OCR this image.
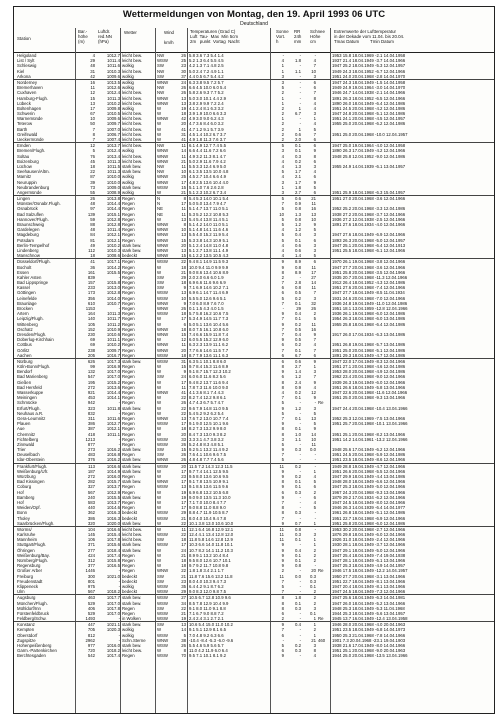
Wettermeldungen von Montag, den 19. April 1993 06 UTC
Deutschland
Station
Bar.-
höhe
(m)
Luftdr.
red.NN
(hPa)
Wetter	Wind

km/h
Temperaturen (Grad C)
Luft  Tau-  Max  Min 5cm
2m   punkt  Vortag  Nacht
Sonne
Vort.
h
RR
24h
mm
Schnee
Höhe
cm
Extremwerte der Lufttemperatur
in der Dekade vom 11.04. bis 20.04.
Tmax Datum         Tmin Datum
Helgoland	4	1012.7 leicht bew.	NW	26 5.8 3.6 7.3 5.4 1.4	-	-	-	1953 15.8 18.04.1969 -2.1 14.04.1958
List / Sylt	29	1011.4 leicht bew.	WSW	25 5.2 1.3 6.4 5.5 4.5	4	1.8	4	1937 21.4 18.04.1949 -3.7 14.04.1966
Schleswig	48	1011.6 wolkig	SW	23 4.2 1.3 7.1 4.8 2.5	1	-	7	1947 25.2 18.04.1949 -5.3 12.04.1957
Kiel	31	1010.3 leicht bew.	NW	30 5.0 2.4 7.2 4.9 1.1	1	1.1	10	1949 24.3 18.04.1952 -6.7 12.04.1966
Arkona	42	1009.6 wolkig	SW	37 4.4 0.5 6.7 5.4 4.2	3	-	3	1951 24.0 20.04.1968 -2.8 14.04.1970
Norderney	16	1013.5 wolkig	WNW	24 6.3 3.8 9.5 7.2 5.7	3	-	6	1947 24.3 18.04.1949 -1.5 14.04.1958
Bremerhaven	11	1012.6 wolkig	NW	26 6.6 4.5 10.0 6.0 5.4	5	-	6	1949 24.9 19.04.1964 -3.0 14.04.1970
Cuxhaven	12	1012.4 leicht bew.	NW	26 5.8 2.6 9.3 7.7 5.2	2	-	7	1946 24.7 14.04.1938 -2.1 14.04.1966
Hamburg-Flugh.	15	1011.3 leicht bew.	WNW	13 5.0 3.0 10.1 4.4 2.9	1	-	8	1891 26.3 18.04.1952 -6.5 12.04.1966
Lübeck	13	1010.2 leicht bew.	WNW	13 3.8 2.9 9.9 7.2 2.4	1	-	4	1890 26.0 18.04.1949 -6.4 12.04.1986
Boltenhagen	17	1009.8 wolkig	W	19 4.1 2.4 8.1 6.3 3.2	2	1	4	1951 24.5 20.04.1968 -4.2 12.04.1986
Schwerin	67	1010.5 leicht bew.	W	18 3.9 1.9 10.0 6.6 3.3	2	6.7	3	1947 24.8 20.04.1968 -5.1 12.04.1986
Warnemünde	10	1009.6 leicht bew.	WNW	42 4.9 3.0 9.0 6.2 4.3	1	-	1	1951 24.1 20.04.1968 -4.5 12.04.1957
Teterow	50	1009.7 leicht bew.	W	20 4.7 3.6 8.4 6.0 3.2	2	-	4	1955 25.0 20.04.1968 -6.2 12.04.1986
Barth	7	1007.0 leicht bew.	W	41 4.7 1.2 9.1 5.7 3.9	2	1	5
Greifswald	8	1006.7 leicht bew.	W	31 4.5 1.4 10.2 6.7 3.7	2	0.6	7	1951 25.0 20.04.1968 -10.0 12.04.1957
Ueckermünde	7	1007.4 leicht bew.	W	41 4.9 1.8 11.3 7.6 3.7	2	2.0	6
Emden	12	1013.7 leicht bew.	NW	11 6.1 4.9 12.7 7.4 5.5	5	0.1	6	1947 25.0 19.04.1964 -4.0 12.04.1958
Bremen/Flugh.	5	1012.4 wolkig	WNW	14 6.6 4.4 11.6 7.2 6.6	3	0.1	9	1890 26.3 17.04.1949 -4.2 12.04.1966
Soltau	76	1013.4 leicht bew.	WNW	11 4.9 3.2 11.3 8.1 4.7	4	0.3	8	1948 25.8 12.04.1952 -9.0 12.04.1986
Boizenburg	45	1011.3 leicht bew.	WNW	21 5.0 2.9 11.6 7.9 4.2	4	0.2	6
Lüchow	18	1011.5 stark bew.	NW	11 5.5 3.3 12.4 6.9 5.0	4	1.3	3	1955 24.9 14.04.1939 -6.1 13.04.1957
Seehausen/Altm.	22	1011.3 stark bew.	NW	10 6.1 3.5 13.5 10.0 4.8	5	1.7	4
Marnitz	87	1010.0 wolkig	WNW	25 4.5 2.7 10.4 6.6 4.9	4	2.1	6
Neuruppin	39	1010.0 wolkig	WNW	17 4.8 2.5 13.6 10.4 4.0	3	1.7	9
Neubrandenburg	73	1009.0 stark bew.	WSW	15 5.1 1.0 7.6 2.6 2.8	1	1.8	5
Angermünde	55	1008.9 wolkig	W	21 5.1 2.3 10.2 6.7 3.4	3	2.7	6	1951 25.9 18.04.1968 -6.3 15.04.1957
Lingen	26	1013.8 Regen	N	8 5.4 5.3 14.0 10.1 5.4	5	0.6	21	1951 27.0 20.04.1968 -3.6 12.04.1966
Münster/Osnabr.Flugh.	48	1014.4 Regen	N	17 5.0 5.0 13.4 7.9 4.7	7	0.9	11
Osnabrück	97	1014.4 Regen	NE	11 5.1 4.7 13.7 11.0 5.1	5	0.8	16	1952 25.2 20.04.1968 -3.3 12.04.1986
Bad Salzuflen	139	1015.1 Regen	NE	11 5.3 5.2 12.2 10.8 5.3	10	1.3	13	1938 27.2 20.04.1968 -3.7 12.04.1966
Hannover/Flugh.	59	1012.8 Regen	W	13 5.4 5.4 13.8 11.4 5.1	5	0.8	10	1936 27.2 12.04.1938 -2.5 12.04.1966
Braunschweig	88	1012.8 Regen	WNW	8 5.1 4.2 14.0 11.0 5.1	5	1.2	9	1891 27.6 18.04.1934 -4.0 12.04.1966
Gardelegen	48	1011.4 Regen	WNW	10 5.1 4.8 14.1 11.6 4.6	4	1.2	5
Magdeburg	84	1012.1 Regen	WNW	13 5.5 4.0 15.2 11.9 5.4	5	0.4	3	1947 27.6 18.04.1949 -6.9 12.04.1966
Potsdam	81	1012.1 Regen	WNW	15 5.3 3.8 14.3 10.9 5.1	5	0.1	6	1893 26.3 20.04.1968 -5.0 12.04.1957
Berlin-Tempelhof	49	1010.2 stark bew.	WNW	20 5.1 2.4 14.8 11.0 4.8	4	0.6	3	1947 25.1 20.04.1968 -6.4 12.04.1913
Lindenberg	112	1010.3 stark bew.	WNW	13 5.1 2.7 13.8 11.1 4.9	4	0.6	3	1951 25.5 18.04.1968 -6.1 12.04.1966
Manschnow	18	1008.6 bedeckt	WNW	15 6.1 2.2 13.5 10.5 4.3	4	1.4	5
Düsseldorf/Flugh.	41	1017.1 Regen	WSW	22 9.4 8.1 14.9 11.5 9.3	9	8.9	6	1970 26.1 19.04.1968 -3.8 12.04.1966
Bocholt	36	1014.2 Regen	W	18 10.0 9.4 11.0 9.9 9.9	9	0.8	11	1947 27.7 20.04.1968 -3.6 12.04.1966
Essen	161	1015.5 Regen	W	21 9.0 8.6 13.4 10.6 8.9	8	8.9	17	1951 25.8 20.04.1968 -3.5 12.04.1966
Kahler Asten	839	- Regen	SW	29 2.0 2.0 6.6 6.0 1.9	2	-	27	1935 20.7 20.04.1968 -11.3 12.04.1966
Bad Lippspringe	157	1015.8 Regen	SW	18 6.9 6.6 11.6 9.6 6.9	7	2.8	14	1912 26.4 18.04.1952 -4.3 12.04.1986
Kassel	233	1013.0 Regen	SW	9 7.1 6.9 14.6 10.2 7.1	6	0.8	11	1951 27.6 20.04.1968 -7.4 12.04.1966
Göttingen	173	1012.8 Regen	WSW	13 6.9 6.1 14.7 11.4 6.9	6	0.5	7	1947 27.7 18.04.1949 -8.5 11.04.1934
Leinefelde	356	1014.0 Regen	WSW	10 5.5 5.0 12.6 9.6 5.1	5	0.2	3	1931 24.6 20.04.1968 -7.0 12.04.1966
Braunlage	610	1010.7 Regen	WNW	9 7.0 6.0 8.9 7.6 7.0	7	0.1	32	1936 24.8 19.04.1949 -11.0 12.04.1986
Brocken	1153	- Regen	WNW	26 0.1 1.5 4.3 4.0 1.5	-	29	26	1951 18.1 13.04.1959 -12.8 12.04.1966
Artern	164	1011.3 Regen	WSW	18 5.7 5.8 16.2 10.6 7.5	9	0.4	2	1936 26.1 19.04.1968 -6.0 12.04.1986
Leipzig/Flugh.	140	1011.7 Regen	W	17 5.3 4.9 14.5 11.7 7.3	7	0.1	5	1954 26.3 18.04.1968 -6.0 13.04.1986
Wittenberg	105	1011.2 Regen	W	6 5.0 5.1 13.6 10.4 5.6	9	0.2	11	1955 25.8 18.04.1968 -6.4 12.04.1986
Oschatz	152	1010.9 Regen	WNW	18 8.0 7.5 16.1 10.8 6.0	7	0.5	16
Dresden/Flugh.	230	1010.6 Regen	WNW	15 7.4 6.6 15.9 11.8 7.4	7	0.4	9	1917 26.0 17.04.1934 -6.3 13.04.1986
Doberlug-Kirchhain	69	1011.1 Regen	W	12 6.0 5.5 15.2 12.9 6.0	9	0.5	7
Cottbus	69	1010.2 Regen	WNW	11 6.3 2.3 13.9 11.1 6.2	6	0.2	4	1951 26.8 19.04.1968 -5.7 13.04.1986
Görlitz	238	1009.7 Regen	WNW	20 7.7 6.6 14.6 11.5 7.7	7	0.1	7	1951 25.0 20.04.1968 -5.1 12.04.1986
Aachen	205	1016.7 Regen	WSW	18 8.7 7.9 13.6 11.1 6.3	6	6.7	6	1891 29.3 18.04.1949 -4.7 12.04.1986
Nürburg	626	1017.3 stark bew.	WSW	31 6.3 5.1 10.1 8.8 6.0	6	0.6	9	1947 22.0 17.04.1949 -8.3 12.04.1966
Köln-Bonn/Flugh.	99	1016.9 Regen	W	15 9.7 8.4 15.3 11.6 8.9	8	2.7	1	1951 27.1 20.04.1968 -4.6 12.04.1986
Bendorf	132	1017.0 Regen	W	9 9.1 8.7 15.7 12.3 10.2	9	1.4	3	1953 28.0 20.04.1968 -4.9 12.04.1986
Bad Marienberg	547	1017.0 Regen	SW	24 6.0 6.0 11.6 8.2 5.6	6	1.2	7	1962 23.4 20.04.1968 -9.0 12.04.1966
Gießen	195	1015.2 Regen	W	17 9.4 8.2 13.7 11.6 9.4	8	2.4	9	1939 26.3 19.04.1949 -6.0 12.04.1966
Bad Hersfeld	272	1013.6 Regen	W	11 7.8 7.3 11.6 10.0 9.0	8	0.9	4	1951 26.6 18.04.1949 -5.8 13.04.1966
Wasserkuppe	921	1014.4 Regen	WNW	41 4.1 3.6 8.1 7.4 4.3	4	0.2	12	1947 22.6 20.04.1968 -11.6 12.04.1966
Meiningen	453	1014.1 Regen	W	22 8.2 7.4 12.2 9.8 6.1	7	0.1	9	1951 25.0 20.04.1968 -9.3 13.04.1966
Schmücke	942	- Regen	W	26 4.7 4.3 6.7 5.7 4.7	5	-	- Re
Erfurt/Flugh.	323	1011.8 stark bew.	W	22 9.6 7.9 14.8 11.0 9.5	9	1.2	3	1947 24.4 20.04.1968 -10.4 13.04.1966
Neuhaus a.R.	832	- Regen	W	22 5.4 5.2 9.2 6.2 5.4	5	-	5
Gera-Leumnitz	311	1011.6 Regen	WNW	13 7.6 7.2 13.0 10.7 7.4	7	0.1	13	1952 25.3 12.04.1969 -7.5 13.04.1966
Plauen	386	1012.7 Regen	WSW	17 9.1 9.0 12.5 10.1 9.6	9	-	5	1951 25.7 20.04.1968 -10.1 13.04.1966
Aue	387	1012.1 Regen	W	18 8.2 7.3 13.2 9.9 8.0	8	0.1	9
Chemnitz	418	1011.1 Regen	W	20 8.4 7.3 13.0 9.3 8.2	8	1.0	14	1951 25.1 20.04.1968 -8.2 13.04.1966
Fichtelberg	1213	- Regen	WSW	33 3.3 3.1 4.7 3.8 3.2	3	1.1	10	1951 14.2 14.04.1961 -13.2 12.04.1966
Zinnwald	877	- Regen	WSW	26 5.2 4.8 8.3 4.8 5.1	5	-	11
Trier	273	1016.2 stark bew.	SW	15 9.2 5.1 13.2 11.4 9.2	9	0.3	0.0	1948 25.6 17.04.1949 -6.2 12.04.1966
Deuselbach	483	1016.8 Regen	SW	26 7.6 4.1 10.6 9.6 7.5	7	-	-	1951 24.5 20.04.1968 -5.9 12.04.1986
Idar-Oberstein	376	1016.2 stark bew.	WNW	26 4.8 4.8 7.7 7.4 5.6	5	-	-	1951 23.5 18.04.1949 -8.6 12.04.1966
Frankfurt/Flugh.	113	1016.6 stark bew.	WSW	20 11.5 7.2 14.3 12.3 11.5	11	0.2	-	1949 28.8 19.04.1949 -4.7 12.04.1966
Weißenburg/Ufr.	187	1014.9 stark bew.	W	17 9.7 7.4 14.1 12.5 9.5	9	-	1	1951 26.6 20.04.1968 -5.5 12.04.1966
Würzburg	272	1016.0 Regen	W	23 9.5 8.0 13.6 10.6 9.5	9	0.2	4	1947 29.9 18.04.1949 -4.4 13.04.1986
Bad Kissingen	282	1015.7 stark bew.	WNW	17 9.1 7.8 13.5 10.9 9.1	8	0.1	5	1948 28.0 18.04.1949 -6.6 12.04.1966
Coburg	327	1013.7 Regen	WSW	13 9.1 8.5 13.6 11.5 9.6	9	0.1	6	1947 25.3 18.04.1949 -5.0 12.04.1966
Hof	567	1012.9 Regen	W	19 6.9 6.8 13.2 10.5 6.8	6	0.3	2	1967 24.3 20.04.1968 -9.3 13.04.1966
Bamberg	240	1015.5 stark bew.	W	19 9.0 9.0 13.5 11.3 10.0	9	-	6	1879 29.2 17.04.1934 -6.2 12.04.1966
Hof	583	1013.7 Regen	W	17 7.1 7.0 10.0 8.4 7.7	7	-	4	1947 24.5 18.04.1949 -8.0 12.04.1966
Weiden/Opf.	440	1014.6 Regen	W	17 9.0 8.8 11.0 8.8 9.0	8	-	5	1946 26.3 14.04.1939 -6.4 14.04.1977
Bonn	362	1016.3 bedeckt	WSW	29 8.8 4.7 11.9 10.5 8.7	8	0.3	-	1961 26.8 18.04.1949 -5.1 12.04.1986
Tholey	386	1016.3 bedeckt	WSW	21 8.0 4.0 10.4 9.4 7.8	7	-	-	1951 22.7 19.04.1968 -6.9 12.04.1966
Saarbrücken/Flugh.	320	1020.0 stark bew.	W	22 10.1 3.8 13.0 10.6 10.0	9	0.7	1	1951 25.8 20.04.1968 -6.0 12.04.1986
Worms/	104	1016.6 leicht bew.	W	11 12.1 6.4 16.8 12.9 12.1	11	0.8	-	1953 30.2 20.04.1968 -2.7 12.04.1966
Karlsruhe	145	1015.4 leicht bew.	WSW	22 12.4 4.1 13.4 12.8 12.0	11	0.3	3	1876 29.8 18.04.1949 -6.0 12.04.1966
Mannheim	106	1017.8 leicht bew.	SW	18 11.8 5.8 14.6 12.8 12.9	11	0.1	1	1926 31.0 18.04.1949 -2.4 12.04.1966
Stuttgart/Flugh.	371	1015.6 stark bew.	WSW	17 10.3 6.6 14.0 11.8 10.1	9	-	1	1930 28.1 18.04.1949 -3.7 12.04.1966
Öhringen	277	1018.4 stark bew.	W	24 10.7 8.2 14.1 11.2 10.3	9	0.4	2	1947 29.1 18.04.1949 -5.0 12.04.1966
Weißenburg/Bay.	424	1017.4 Regen	W	21 8.9 9.1 13.2 10.4 8.4	9	0.1	2	1947 25.4 18.04.1949 -7.4 19.04.1938
Nürnberg/Flugh.	312	1015.8 Regen	W	18 9.5 8.0 12.6 10.7 10.1	9	0.1	2	1947 28.1 18.04.1949 -6.1 13.04.1966
Regensburg	377	1016.5 Regen	W	18 9.7 9.2 11.7 10.8 9.8	9	0.8	-	1947 25.3 18.04.1949 -4.9 14.04.1957
Großer Arber	1446	- Regen	WNW	22 1.8 1.8 3.4 2.1 1.7	2	-	20 Re	1946 17.5 18.04.1949 -12.2 14.04.1957
Freiburg	300	1021.0 bedeckt	SW	21 11.8 7.6 15.6 13.2 11.8	11	0.0	0.3	1950 27.7 20.04.1968 -3.1 13.04.1966
Freudenstadt	801	- bedeckt	SW	23 8.0 4.0 10.3 9.4 7.3	7	-	0.3	1951 22.7 18.04.1949 -8.1 13.04.1966
Klippeneck	975	- wolkig	WSW	35 6.4 4.2 9.1 8.7 6.2	5	-	0.1	1947 20.4 18.04.1949 -8.1 13.04.1966
Ulm	567	1018.2 bedeckt	WSW	29 9.0 8.3 12.0 9.8 7.5	7	-	2	1947 24.5 18.04.1949 -7.3 12.04.1966
Augsburg	463	1017.7 stark bew.	WSW	27 10.5 6.7 12.8 10.9 9.6	8	1.8	2	1947 25.6 18.04.1949 -6.3 14.04.1981
München/Flugh.	529	1017.0 stark bew.	WSW	34 8.5 7.8 12.9 10.4 9.9	8	0.1	2	1947 26.0 18.04.1949 -5.2 13.04.1966
Mühldorf/Inn	406	1017.8 Regen	SW	22 9.1 8.0 11.0 9.1 8.8	8	0.3	3	1948 25.3 18.04.1949 -5.3 11.04.1968
Fürstenfeldbruck	529	1017.0 Regen	WSW	21 7.1 6.7 9.0 8.8 7.2	6	-	0.1	1944 25.3 18.04.1949 -5.6 13.04.1957
Feldberg/Schw.	1493	- in Wolken	WSW	19 2.4 2.4 3.1 2.7 2.1	2	-	1 Re	1945 13.7 16.04.1949 -12.4 13.04.1958
Konstanz	447	1021.1 stark bew.	SW	13 10.6 5.4 15.0 11.0 10.2	9	0.4	1	1946 28.0 20.04.1968 -4.0 20.04.1963
Kempten	705	1020.3 wolkig	W	14 9.1 5.1 12.9 8.1 6.5	7	-	2	1951 23.5 18.04.1949 -6.8 14.04.1973
Oberstdorf	812	- wolkig	WSW	5 7.0 4.8 9.2 6.3 6.6	6	-	1	1950 25.3 21.04.1968 -7.8 14.04.1966
Zugspitze	2962	- Schn.Sterne	WNW	38 -10.4 -8.4 -5.3 -6.0 -9.6	-	-	21 460	1901 7.3 20.04.1968 -23.1 19.04.1903
Hohenpeißenberg	977	1016.0 stark bew.	WSW	26 5.5 4.6 5.9 5.6 5.7	5	0.2	3	1938 21.6 17.04.1949 -8.0 14.04.1966
Garm.-Partenkirchen	720	1018.2 leicht bew.	W	8 11.0 4.2 11.9 6.0 6.4	6	0.3	8	1951 25.1 20.04.1968 -9.0 20.04.1963
Berchtesgaden	542	1017.4 Regen	WSW	70 9.5 7.1 10.1 8.1 9.2	9	-	4	1944 25.0 20.04.1968 -13.5 13.04.1966
